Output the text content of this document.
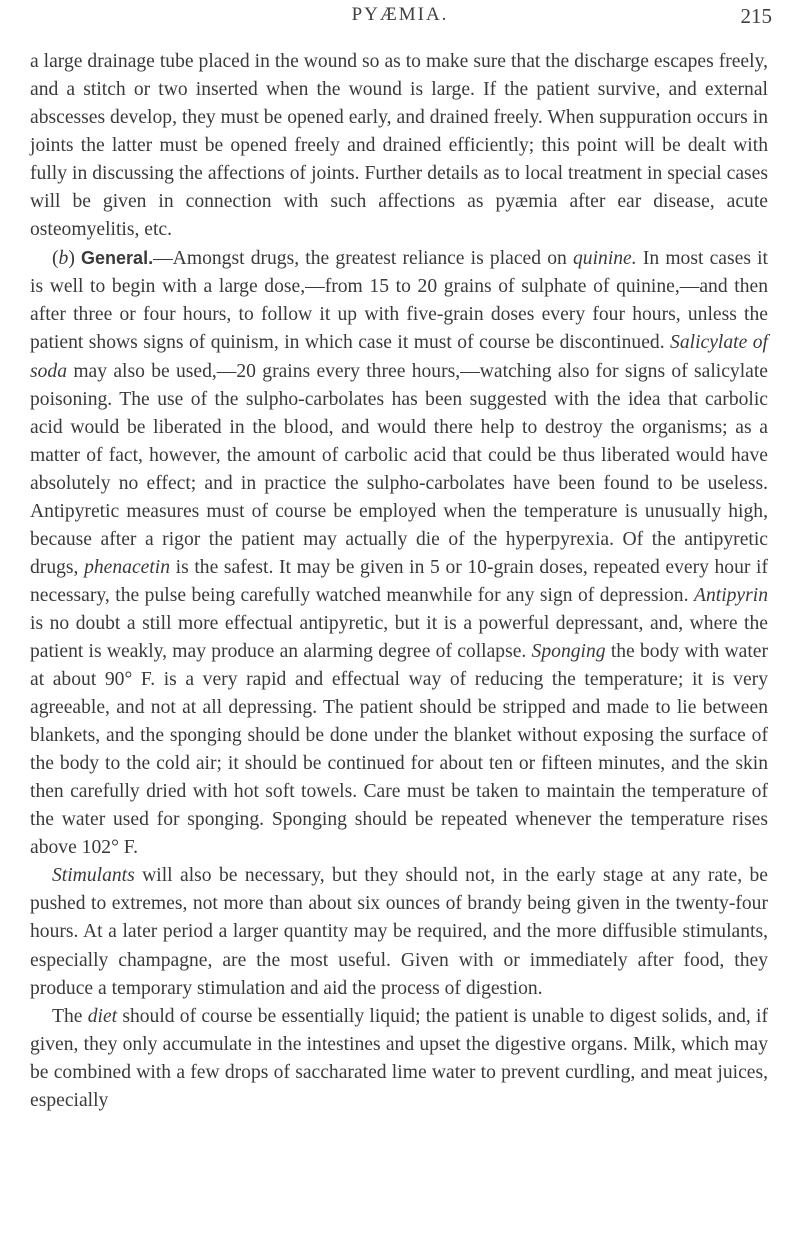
PYÆMIA.	215

a large drainage tube placed in the wound so as to make sure that the discharge escapes freely, and a stitch or two inserted when the wound is large. If the patient survive, and external abscesses develop, they must be opened early, and drained freely. When suppuration occurs in joints the latter must be opened freely and drained efficiently; this point will be dealt with fully in discussing the affections of joints. Further details as to local treatment in special cases will be given in connection with such affections as pyæmia after ear disease, acute osteomyelitis, etc.

(b) General.—Amongst drugs, the greatest reliance is placed on quinine. In most cases it is well to begin with a large dose,—from 15 to 20 grains of sulphate of quinine,—and then after three or four hours, to follow it up with five-grain doses every four hours, unless the patient shows signs of quinism, in which case it must of course be discontinued. Salicylate of soda may also be used,—20 grains every three hours,—watching also for signs of salicylate poisoning. The use of the sulpho-carbolates has been suggested with the idea that carbolic acid would be liberated in the blood, and would there help to destroy the organisms; as a matter of fact, however, the amount of carbolic acid that could be thus liberated would have absolutely no effect; and in practice the sulpho-carbolates have been found to be useless. Antipyretic measures must of course be employed when the temperature is unusually high, because after a rigor the patient may actually die of the hyperpyrexia. Of the antipyretic drugs, phenacetin is the safest. It may be given in 5 or 10-grain doses, repeated every hour if necessary, the pulse being carefully watched meanwhile for any sign of depression. Antipyrin is no doubt a still more effectual antipyretic, but it is a powerful depressant, and, where the patient is weakly, may produce an alarming degree of collapse. Sponging the body with water at about 90° F. is a very rapid and effectual way of reducing the temperature; it is very agreeable, and not at all depressing. The patient should be stripped and made to lie between blankets, and the sponging should be done under the blanket without exposing the surface of the body to the cold air; it should be continued for about ten or fifteen minutes, and the skin then carefully dried with hot soft towels. Care must be taken to maintain the temperature of the water used for sponging. Sponging should be repeated whenever the temperature rises above 102° F.

Stimulants will also be necessary, but they should not, in the early stage at any rate, be pushed to extremes, not more than about six ounces of brandy being given in the twenty-four hours. At a later period a larger quantity may be required, and the more diffusible stimulants, especially champagne, are the most useful. Given with or immediately after food, they produce a temporary stimulation and aid the process of digestion.

The diet should of course be essentially liquid; the patient is unable to digest solids, and, if given, they only accumulate in the intestines and upset the digestive organs. Milk, which may be combined with a few drops of saccharated lime water to prevent curdling, and meat juices, especially
